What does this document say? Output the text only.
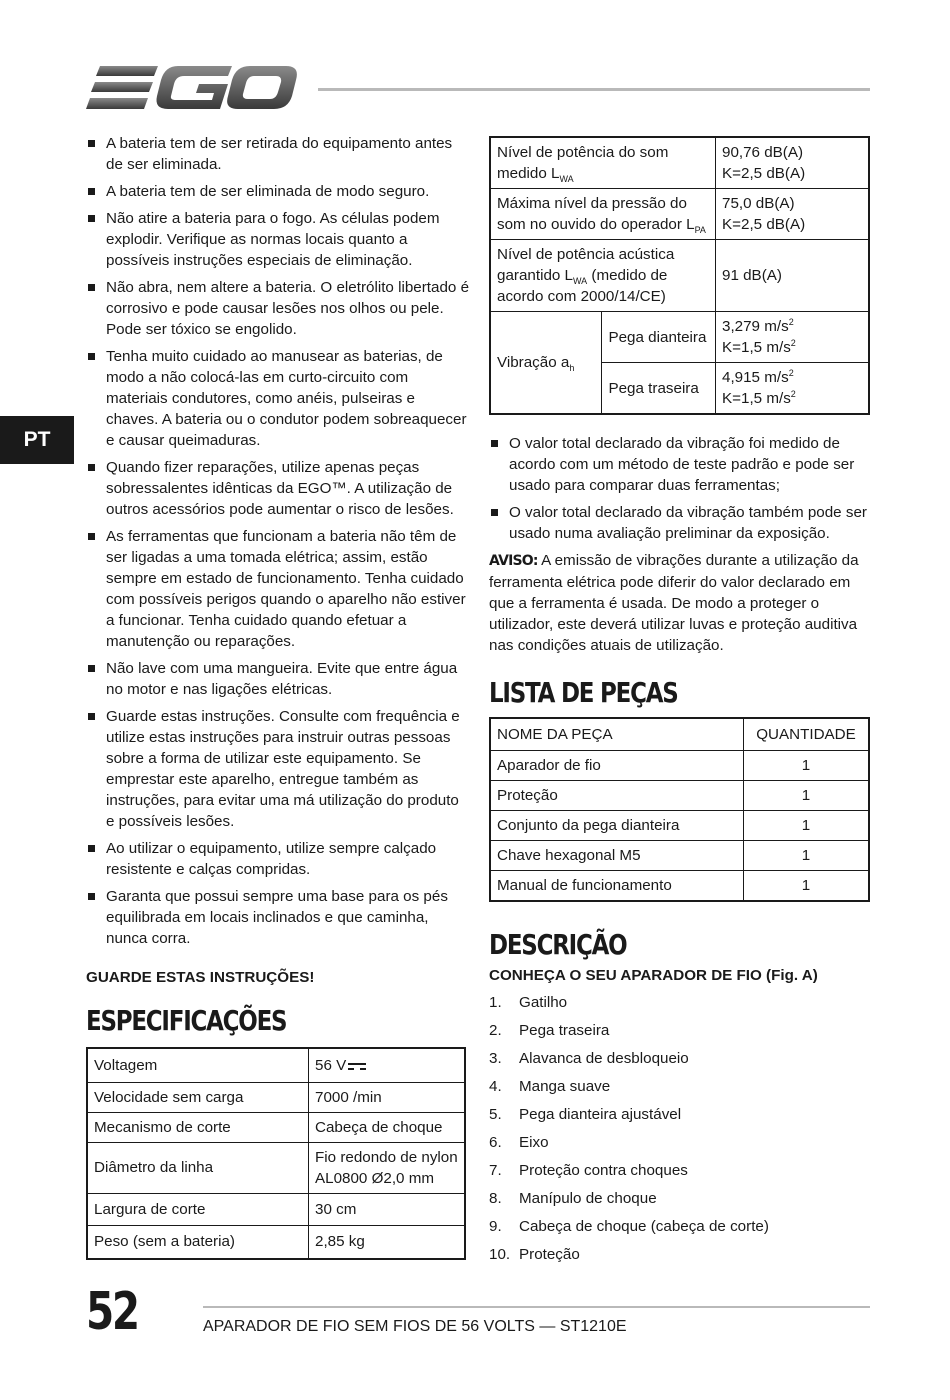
PT
A bateria tem de ser retirada do equipamento antes de ser eliminada.
A bateria tem de ser eliminada de modo seguro.
Não atire a bateria para o fogo. As células podem explodir. Verifique as normas locais quanto a possíveis instruções especiais de eliminação.
Não abra, nem altere a bateria. O eletrólito libertado é corrosivo e pode causar lesões nos olhos ou pele. Pode ser tóxico se engolido.
Tenha muito cuidado ao manusear as baterias, de modo a não colocá-las em curto-circuito com materiais condutores, como anéis, pulseiras e chaves. A bateria ou o condutor podem sobreaquecer e causar queimaduras.
Quando fizer reparações, utilize apenas peças sobressalentes idênticas da EGO™. A utilização de outros acessórios pode aumentar o risco de lesões.
As ferramentas que funcionam a bateria não têm de ser ligadas a uma tomada elétrica; assim, estão sempre em estado de funcionamento. Tenha cuidado com possíveis perigos quando o aparelho não estiver a funcionar. Tenha cuidado quando efetuar a manutenção ou reparações.
Não lave com uma mangueira. Evite que entre água no motor e nas ligações elétricas.
Guarde estas instruções. Consulte com frequência e utilize estas instruções para instruir outras pessoas sobre a forma de utilizar este equipamento. Se emprestar este aparelho, entregue também as instruções, para evitar uma má utilização do produto e possíveis lesões.
Ao utilizar o equipamento, utilize sempre calçado resistente e calças compridas.
Garanta que possui sempre uma base para os pés equilibrada em locais inclinados e que caminha, nunca corra.
GUARDE ESTAS INSTRUÇÕES!
ESPECIFICAÇÕES
Voltagem	56 V
Velocidade sem carga	7000 /min
Mecanismo de corte	Cabeça de choque
Diâmetro da linha	Fio redondo de nylon AL0800 Ø2,0 mm
Largura de corte	30 cm
Peso (sem a bateria)	2,85 kg
Nível de potência do som medido $L_{WA}$		90,76 dB(A)
K=2,5 dB(A)

Máxima nível da pressão do som no ouvido do operador $L_{PA}$		75,0 dB(A)
K=2,5 dB(A)

Nível de potência acústica garantido $L_{WA}$ (medido de acordo com 2000/14/CE)		91 dB(A)
Vibração $a_h$	Pega dianteira	3,279 $m/s^2$
K=1,5 $m/s^2$

	Pega traseira	4,915 $m/s^2$
K=1,5 $m/s^2$
O valor total declarado da vibração foi medido de acordo com um método de teste padrão e pode ser usado para comparar duas ferramentas;
O valor total declarado da vibração também pode ser usado numa avaliação preliminar da exposição.
AVISO: A emissão de vibrações durante a utilização da ferramenta elétrica pode diferir do valor declarado em que a ferramenta é usada. De modo a proteger o utilizador, este deverá utilizar luvas e proteção auditiva nas condições atuais de utilização.
LISTA DE PEÇAS
NOME DA PEÇA	QUANTIDADE
Aparador de fio	1
Proteção	1
Conjunto da pega dianteira	1
Chave hexagonal M5	1
Manual de funcionamento	1
DESCRIÇÃO
CONHEÇA O SEU APARADOR DE FIO (Fig. A)
1.	Gatilho
2.	Pega traseira
3.	Alavanca de desbloqueio
4.	Manga suave
5.	Pega dianteira ajustável
6.	Eixo
7.	Proteção contra choques
8.	Manípulo de choque
9.	Cabeça de choque (cabeça de corte)
10. Proteção
52	APARADOR DE FIO SEM FIOS DE 56 VOLTS — ST1210E
